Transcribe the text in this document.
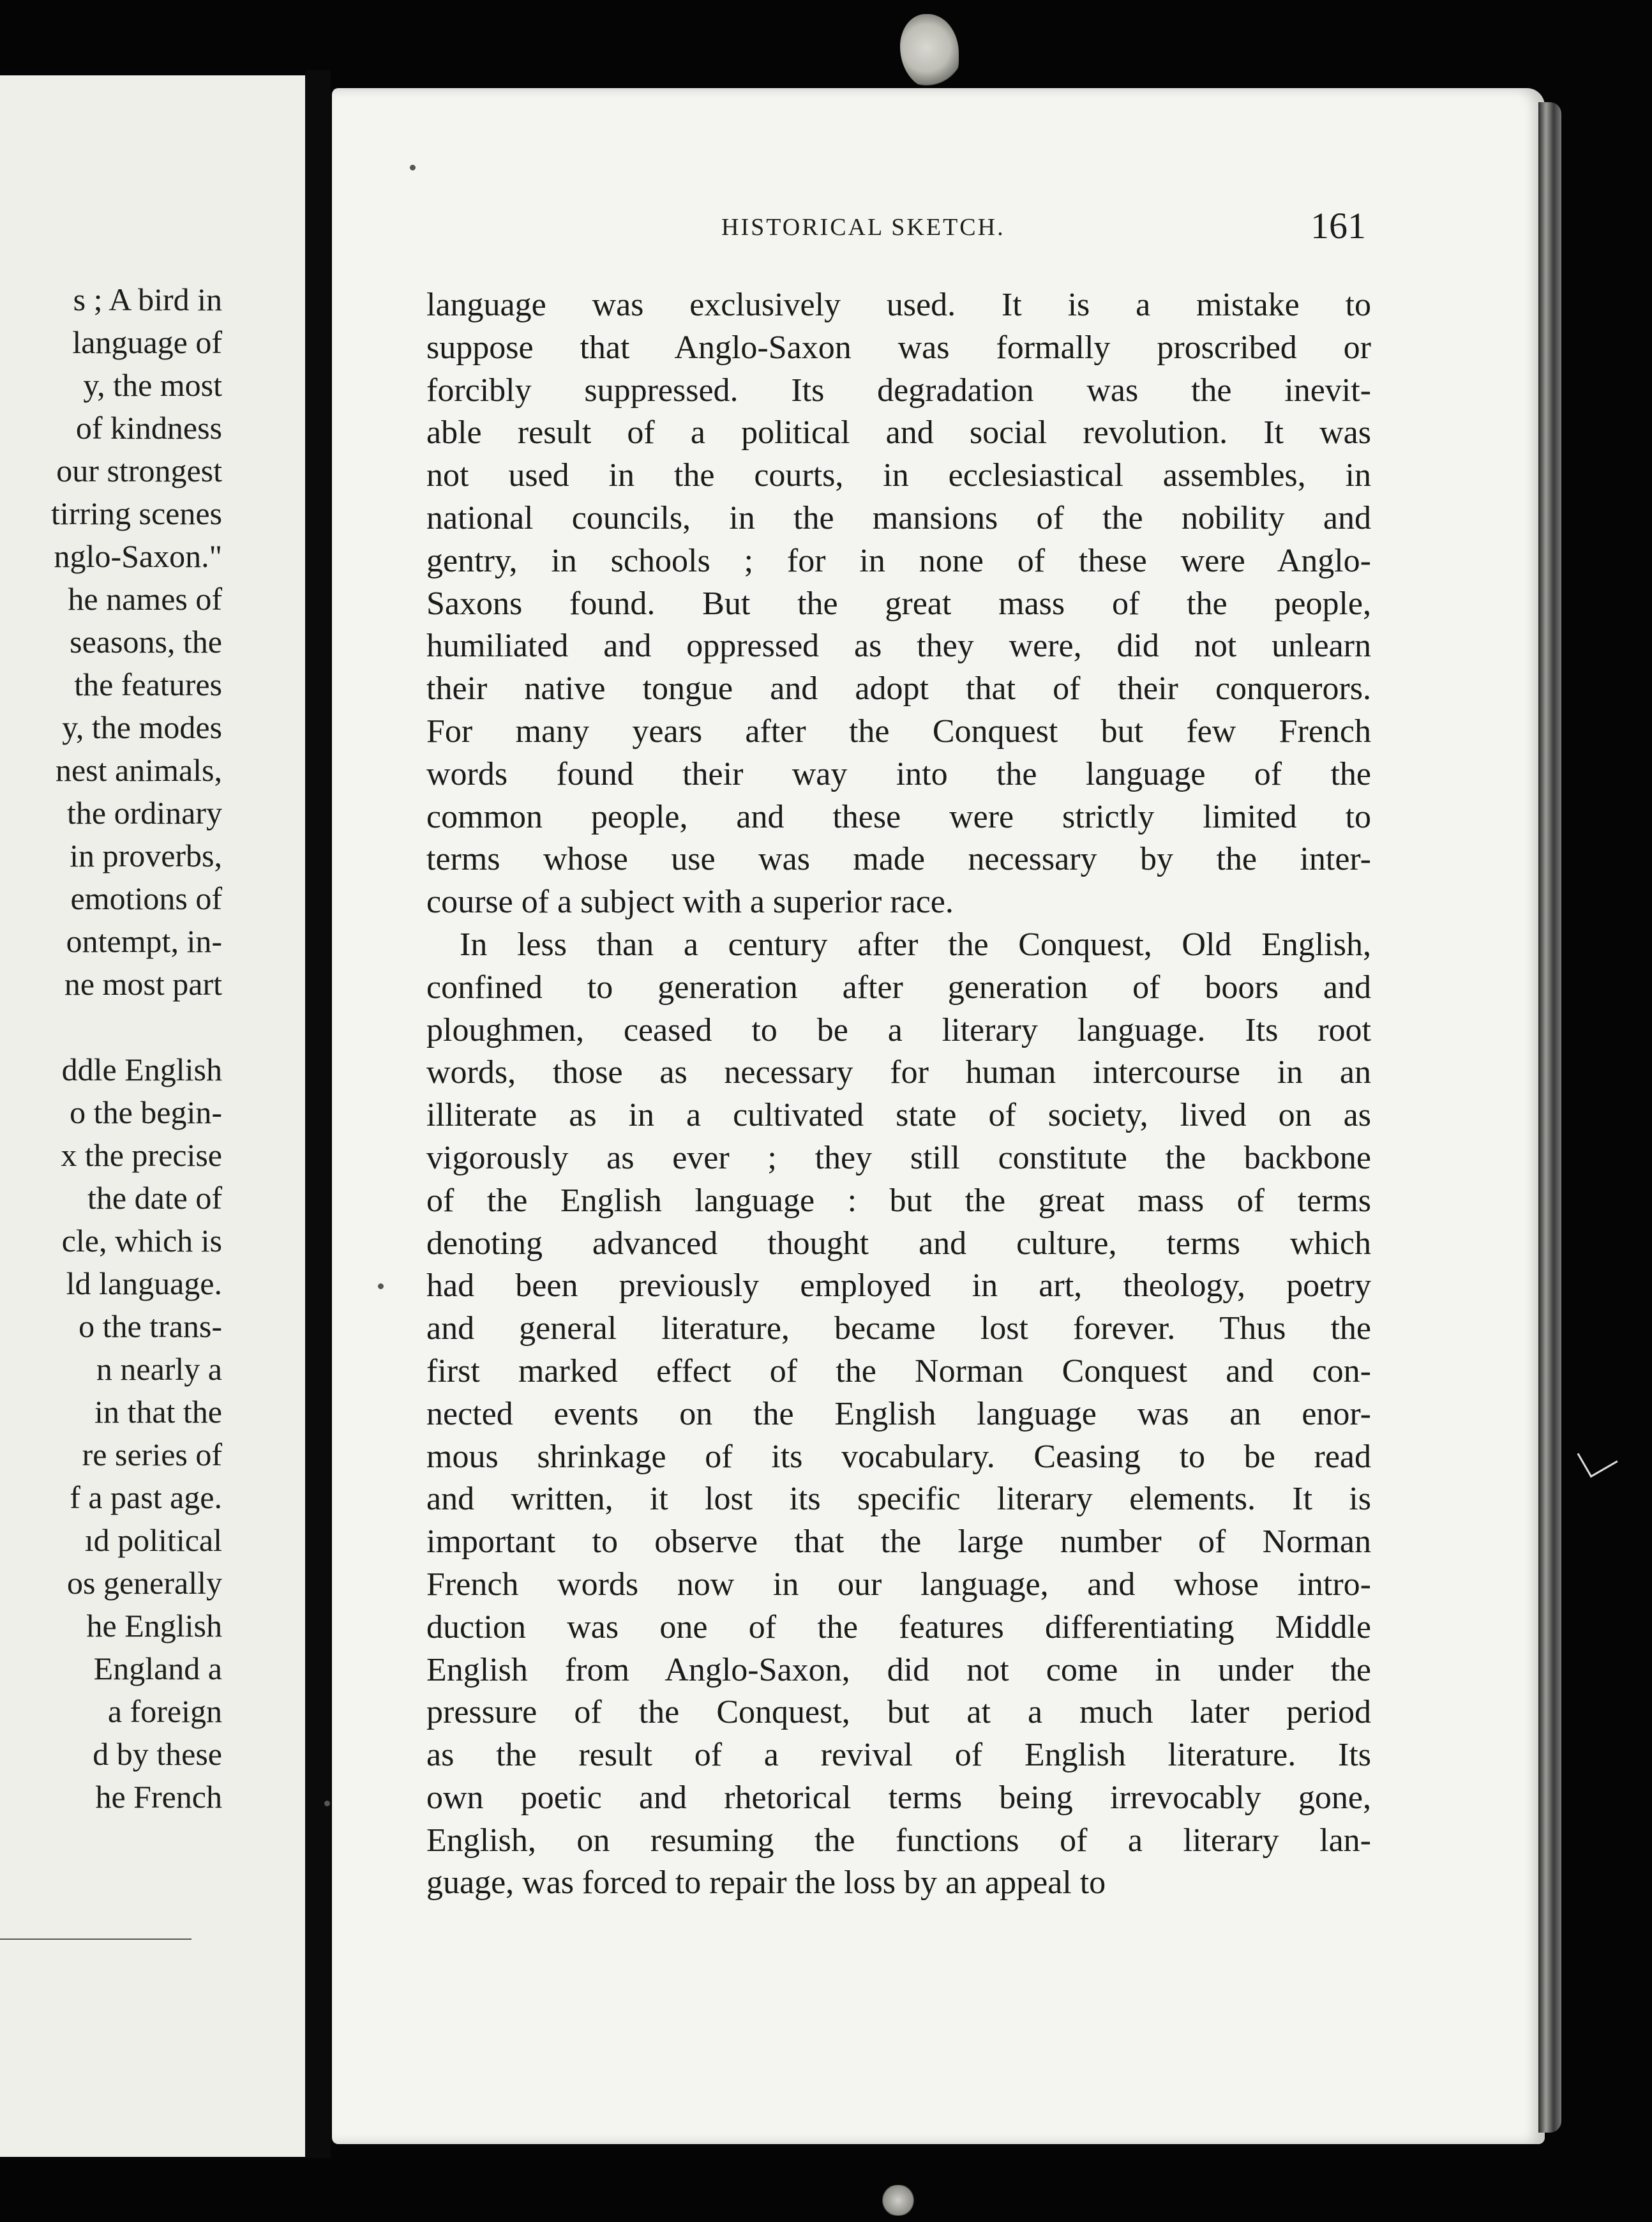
s ; A bird in
language of
y, the most
of kindness
our strongest
tirring scenes
nglo-Saxon."
he names of
seasons, the
the features
y, the modes
nest animals,
the ordinary
in proverbs,
emotions of
ontempt, in-
ne most part
ddle English
o the begin-
x the precise
the date of
cle, which is
ld language.
o the trans-
n nearly a
in that the
re series of
f a past age.
ıd political
os generally
he English
England a
a foreign
d by these
he French
HISTORICAL SKETCH.	161
language was exclusively used. It is a mistake to
suppose that Anglo-Saxon was formally proscribed or
forcibly suppressed. Its degradation was the inevit-
able result of a political and social revolution. It was
not used in the courts, in ecclesiastical assembles, in
national councils, in the mansions of the nobility and
gentry, in schools ; for in none of these were Anglo-
Saxons found. But the great mass of the people,
humiliated and oppressed as they were, did not unlearn
their native tongue and adopt that of their conquerors.
For many years after the Conquest but few French
words found their way into the language of the
common people, and these were strictly limited to
terms whose use was made necessary by the inter-
course of a subject with a superior race.
In less than a century after the Conquest, Old English,
confined to generation after generation of boors and
ploughmen, ceased to be a literary language. Its root
words, those as necessary for human intercourse in an
illiterate as in a cultivated state of society, lived on as
vigorously as ever ; they still constitute the backbone
of the English language : but the great mass of terms
denoting advanced thought and culture, terms which
had been previously employed in art, theology, poetry
and general literature, became lost forever. Thus the
first marked effect of the Norman Conquest and con-
nected events on the English language was an enor-
mous shrinkage of its vocabulary. Ceasing to be read
and written, it lost its specific literary elements. It is
important to observe that the large number of Norman
French words now in our language, and whose intro-
duction was one of the features differentiating Middle
English from Anglo-Saxon, did not come in under the
pressure of the Conquest, but at a much later period
as the result of a revival of English literature. Its
own poetic and rhetorical terms being irrevocably gone,
English, on resuming the functions of a literary lan-
guage, was forced to repair the loss by an appeal to
